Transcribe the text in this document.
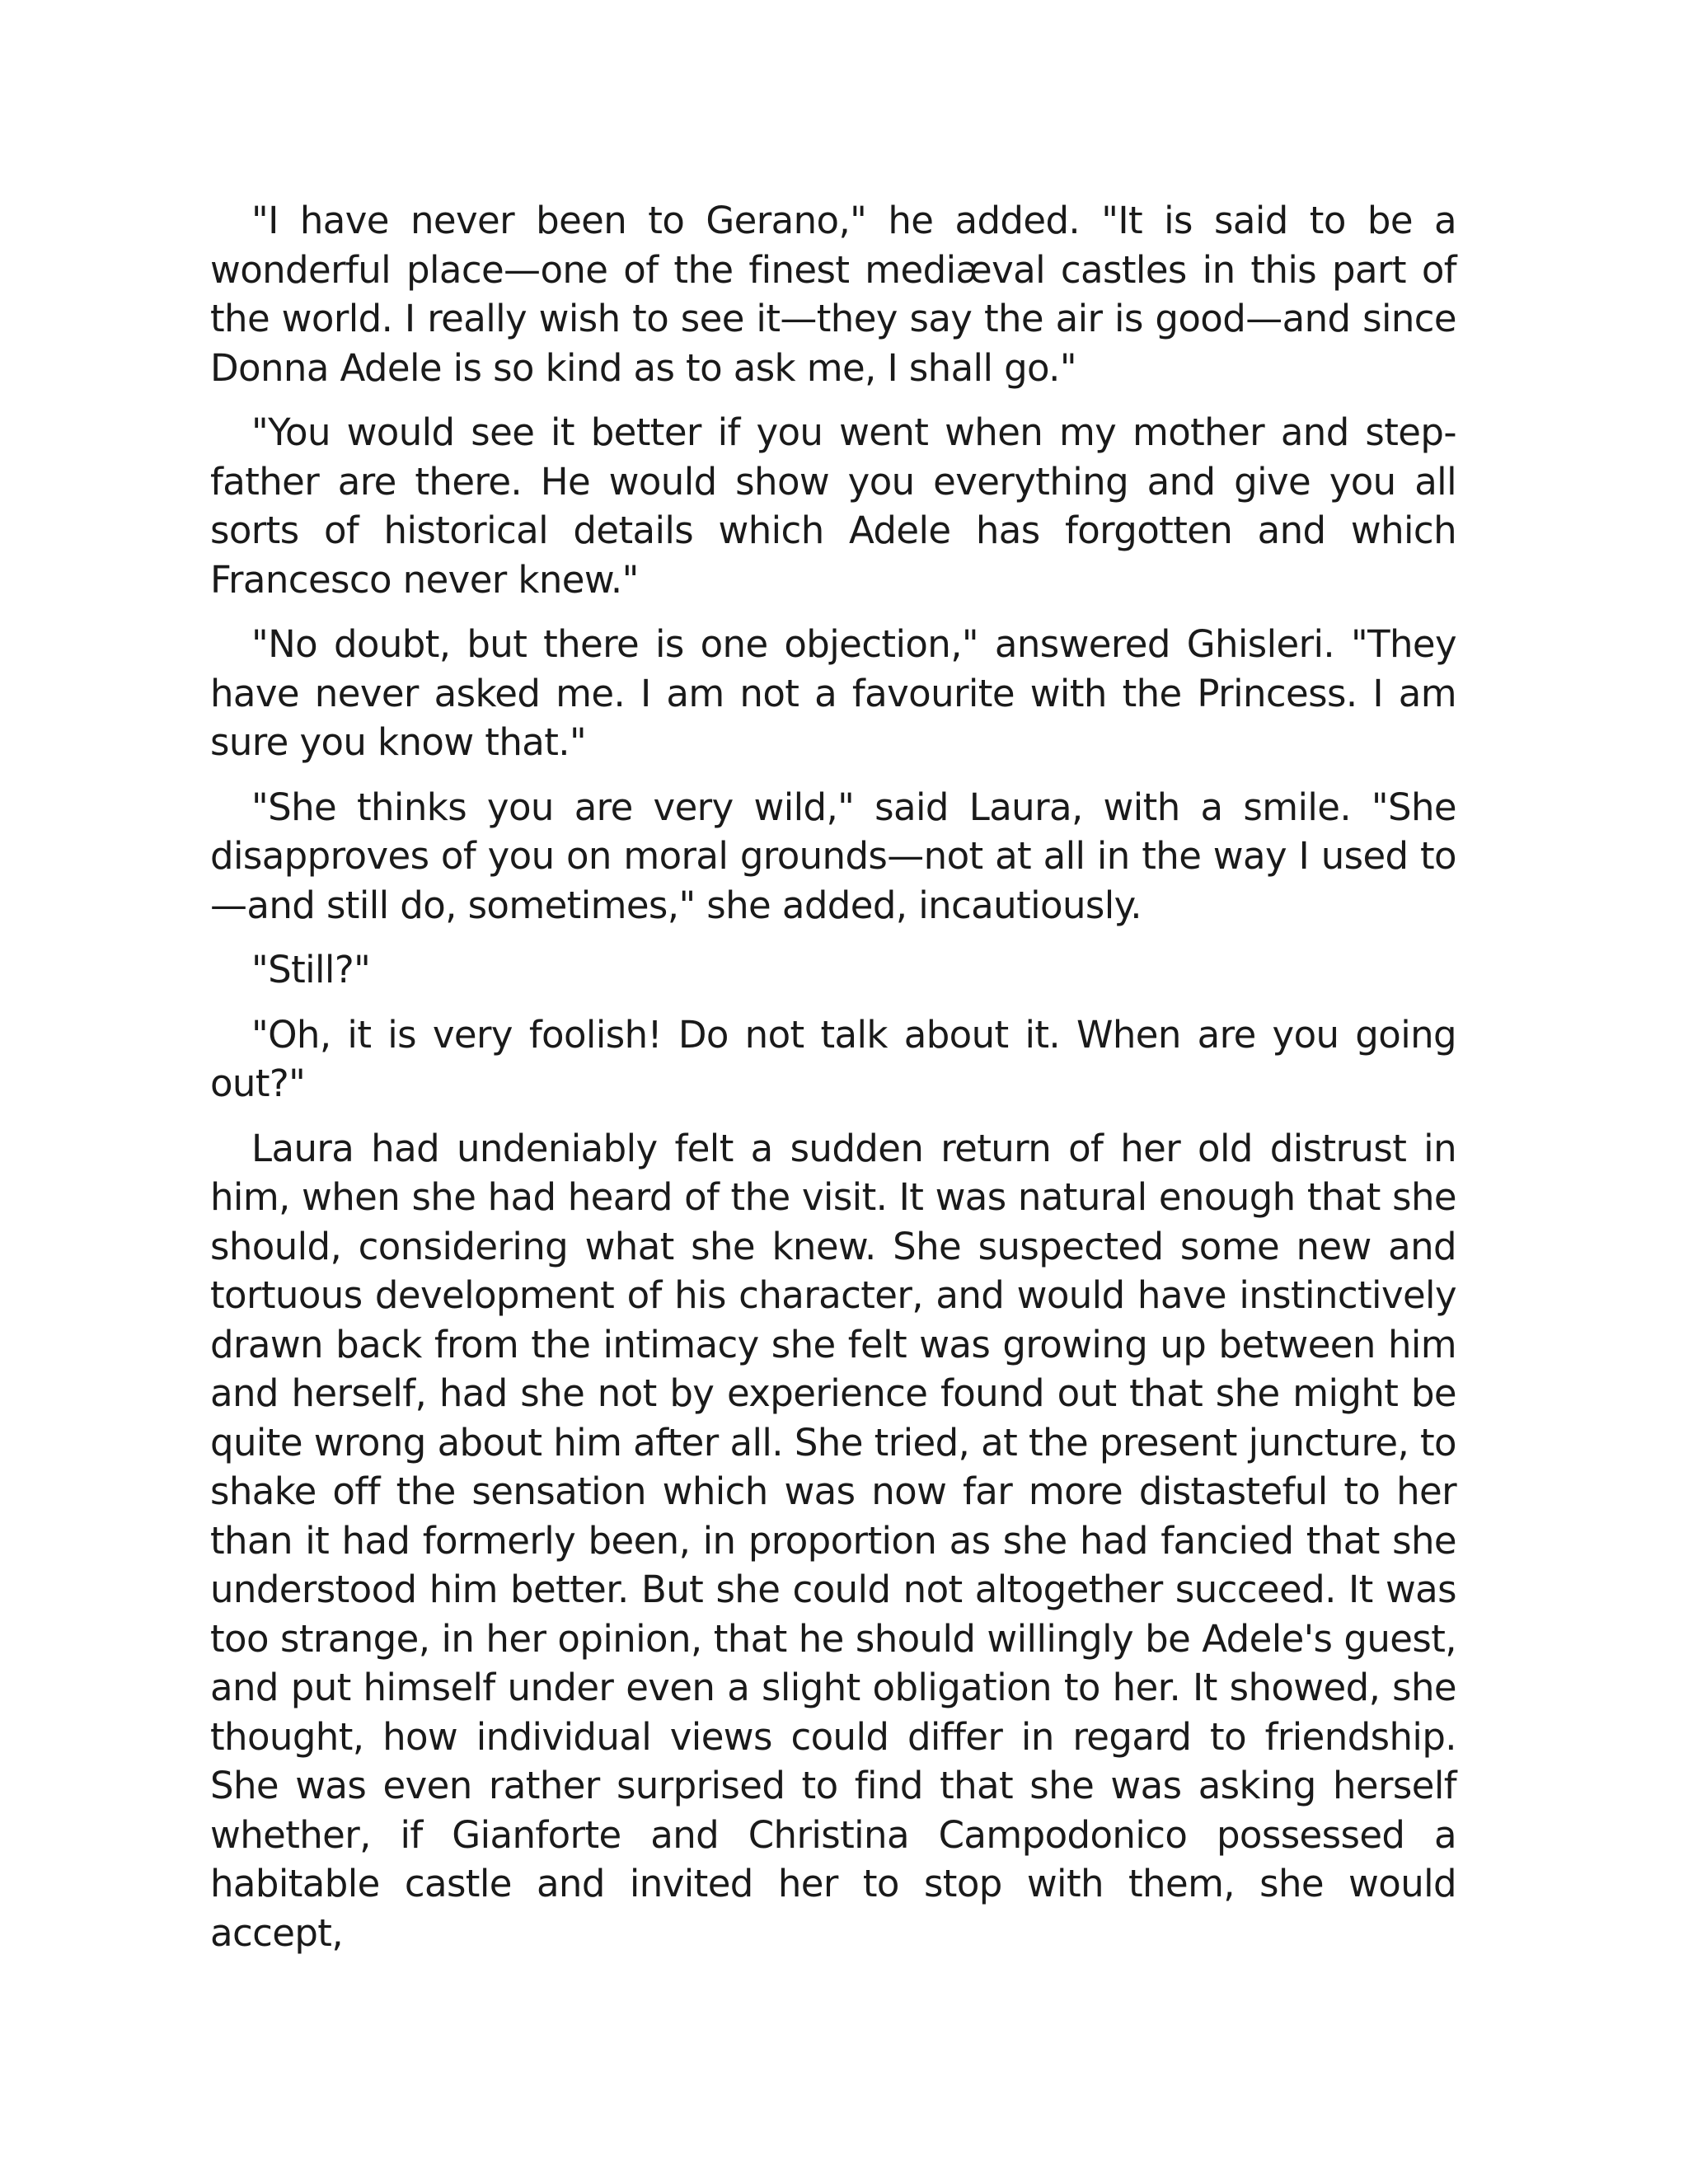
"I have never been to Gerano," he added. "It is said to be a wonderful place—one of the finest mediæval castles in this part of the world. I really wish to see it—they say the air is good—and since Donna Adele is so kind as to ask me, I shall go."

"You would see it better if you went when my mother and step-father are there. He would show you everything and give you all sorts of historical details which Adele has forgotten and which Francesco never knew."

"No doubt, but there is one objection," answered Ghisleri. "They have never asked me. I am not a favourite with the Princess. I am sure you know that."

"She thinks you are very wild," said Laura, with a smile. "She disapproves of you on moral grounds—not at all in the way I used to —and still do, sometimes," she added, incautiously.

"Still?"

"Oh, it is very foolish! Do not talk about it. When are you going out?"

Laura had undeniably felt a sudden return of her old distrust in him, when she had heard of the visit. It was natural enough that she should, considering what she knew. She suspected some new and tortuous development of his character, and would have instinctively drawn back from the intimacy she felt was growing up between him and herself, had she not by experience found out that she might be quite wrong about him after all. She tried, at the present juncture, to shake off the sensation which was now far more distasteful to her than it had formerly been, in proportion as she had fancied that she understood him better. But she could not altogether succeed. It was too strange, in her opinion, that he should willingly be Adele's guest, and put himself under even a slight obligation to her. It showed, she thought, how individual views could differ in regard to friendship. She was even rather surprised to find that she was asking herself whether, if Gianforte and Christina Campodonico possessed a habitable castle and invited her to stop with them, she would accept,
